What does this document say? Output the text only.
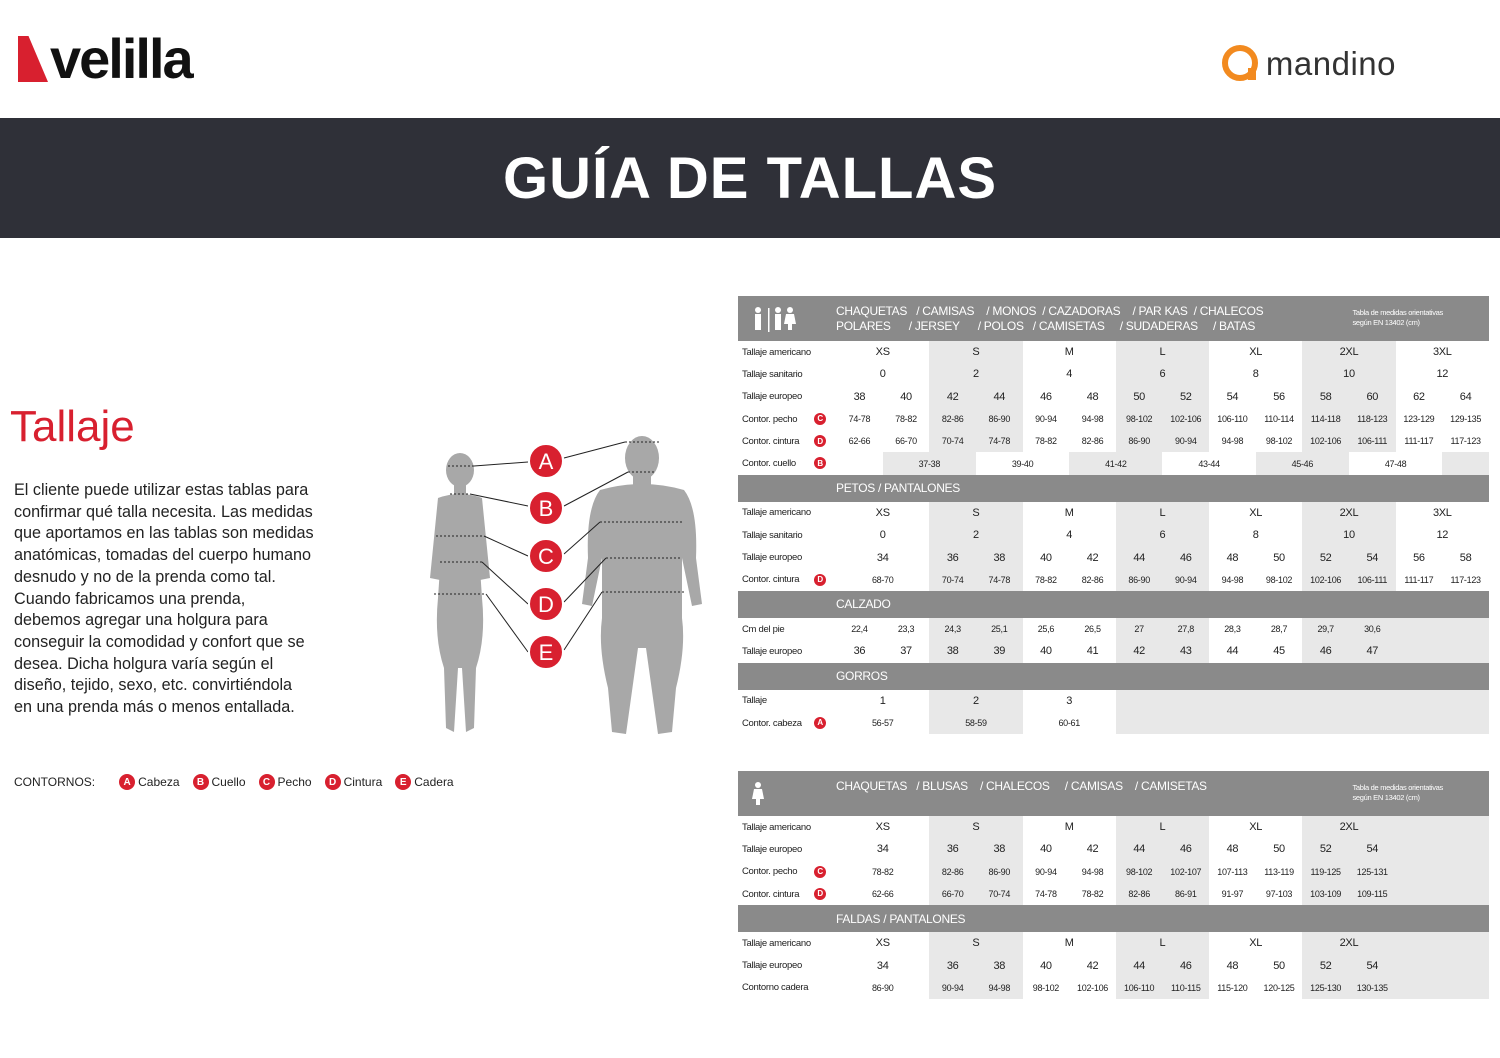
velilla	mandino
GUÍA DE TALLAS
Tallaje
El cliente puede utilizar estas tablas para confirmar qué talla necesita. Las medidas que aportamos en las tablas son medidas anatómicas, tomadas del cuerpo humano desnudo y no de la prenda como tal. Cuando fabricamos una prenda, debemos agregar una holgura para conseguir la comodidad y confort que se desea. Dicha holgura varía según el diseño, tejido, sexo, etc. convirtiéndola en una prenda más o menos entallada.
CONTORNOS:	A Cabeza	B Cuello	C Pecho	D Cintura	E Cadera
A
B
C
D
E
CHAQUETAS   / CAMISAS    / MONOS  / CAZADORAS    / PAR KAS  / CHALECOS
POLARES      / JERSEY      / POLOS   / CAMISETAS     / SUDADERAS     / BATAS
Tabla de medidas orientativas
según EN 13402 (cm)														

Tallaje americano	XS		S		M		L		XL		2XL		3XL	
Tallaje sanitario	0		2		4		6		8		10		12	
Tallaje europeo	38	40	42	44	46	48	50	52	54	56	58	60	62	64
Contor. pecho C	74-78	78-82	82-86	86-90	90-94	94-98	98-102	102-106	106-110	110-114	114-118	118-123	123-129	129-135
Contor. cintura D	62-66	66-70	70-74	74-78	78-82	82-86	86-90	90-94	94-98	98-102	102-106	106-111	111-117	117-123
Contor. cuello B		37-38		39-40		41-42		43-44		45-46		47-48		
PETOS / PANTALONES														
Tallaje americano	XS		S		M		L		XL		2XL		3XL	
Tallaje sanitario	0		2		4		6		8		10		12	
Tallaje europeo	34		36	38	40	42	44	46	48	50	52	54	56	58
Contor. cintura D	68-70		70-74	74-78	78-82	82-86	86-90	90-94	94-98	98-102	102-106	106-111	111-117	117-123
CALZADO														
Cm del pie	22,4	23,3	24,3	25,1	25,6	26,5	27	27,8	28,3	28,7	29,7	30,6		
Tallaje europeo	36	37	38	39	40	41	42	43	44	45	46	47		
GORROS														
Tallaje	1		2		3									
Contor. cabeza A	56-57		58-59		60-61									
CHAQUETAS   / BLUSAS    / CHALECOS     / CAMISAS    / CAMISETAS Tabla de medidas orientativas
según EN 13402 (cm)												

Tallaje americano	XS	S		M		L		XL		2XL		
Tallaje europeo	34	36	38	40	42	44	46	48	50	52	54	
Contor. pecho C	78-82	82-86	86-90	90-94	94-98	98-102	102-107	107-113	113-119	119-125	125-131	
Contor. cintura D	62-66	66-70	70-74	74-78	78-82	82-86	86-91	91-97	97-103	103-109	109-115	
FALDAS / PANTALONES												
Tallaje americano	XS	S		M		L		XL		2XL		
Tallaje europeo	34	36	38	40	42	44	46	48	50	52	54	
Contorno cadera	86-90	90-94	94-98	98-102	102-106	106-110	110-115	115-120	120-125	125-130	130-135	
